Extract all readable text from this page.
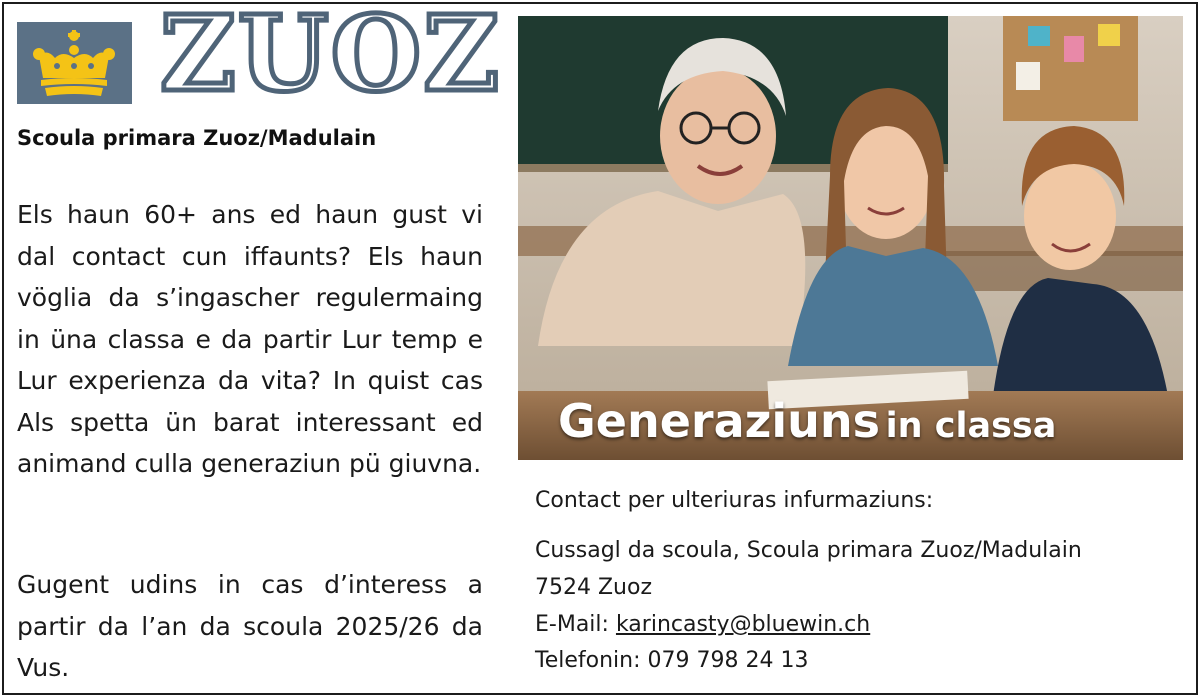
ZUOZ
Scoula primara Zuoz/Madulain
Els haun 60+ ans ed haun gust vi dal contact cun iffaunts? Els haun vöglia da s’ingascher regulermaing in üna classa e da partir Lur temp e Lur experienza da vita? In quist cas Als spetta ün barat interessant ed animand culla generaziun pü giuvna.
Gugent udins in cas d’interess a partir da l’an da scoula 2025/26 da Vus.
Generaziuns in classa
Contact per ulteriuras infurmaziuns:
Cussagl da scoula, Scoula primara Zuoz/Madulain
7524 Zuoz
E-Mail: karincasty@bluewin.ch
Telefonin: 079 798 24 13
